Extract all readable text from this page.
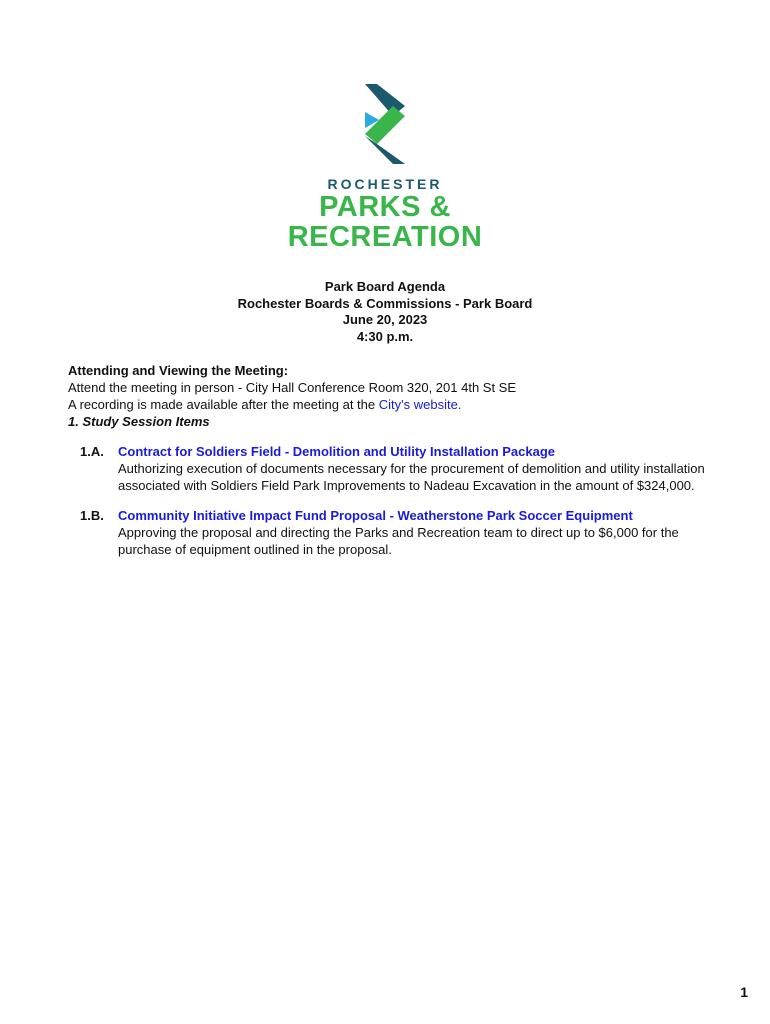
ROCHESTER
PARKS &
RECREATION
Park Board Agenda
Rochester Boards & Commissions - Park Board
June 20, 2023
4:30 p.m.
Attending and Viewing the Meeting:
Attend the meeting in person - City Hall Conference Room 320, 201 4th St SE
A recording is made available after the meeting at the City's website.
1. Study Session Items
1.A. Contract for Soldiers Field - Demolition and Utility Installation Package
Authorizing execution of documents necessary for the procurement of demolition and utility installation associated with Soldiers Field Park Improvements to Nadeau Excavation in the amount of $324,000.
1.B. Community Initiative Impact Fund Proposal - Weatherstone Park Soccer Equipment
Approving the proposal and directing the Parks and Recreation team to direct up to $6,000 for the purchase of equipment outlined in the proposal.
1
